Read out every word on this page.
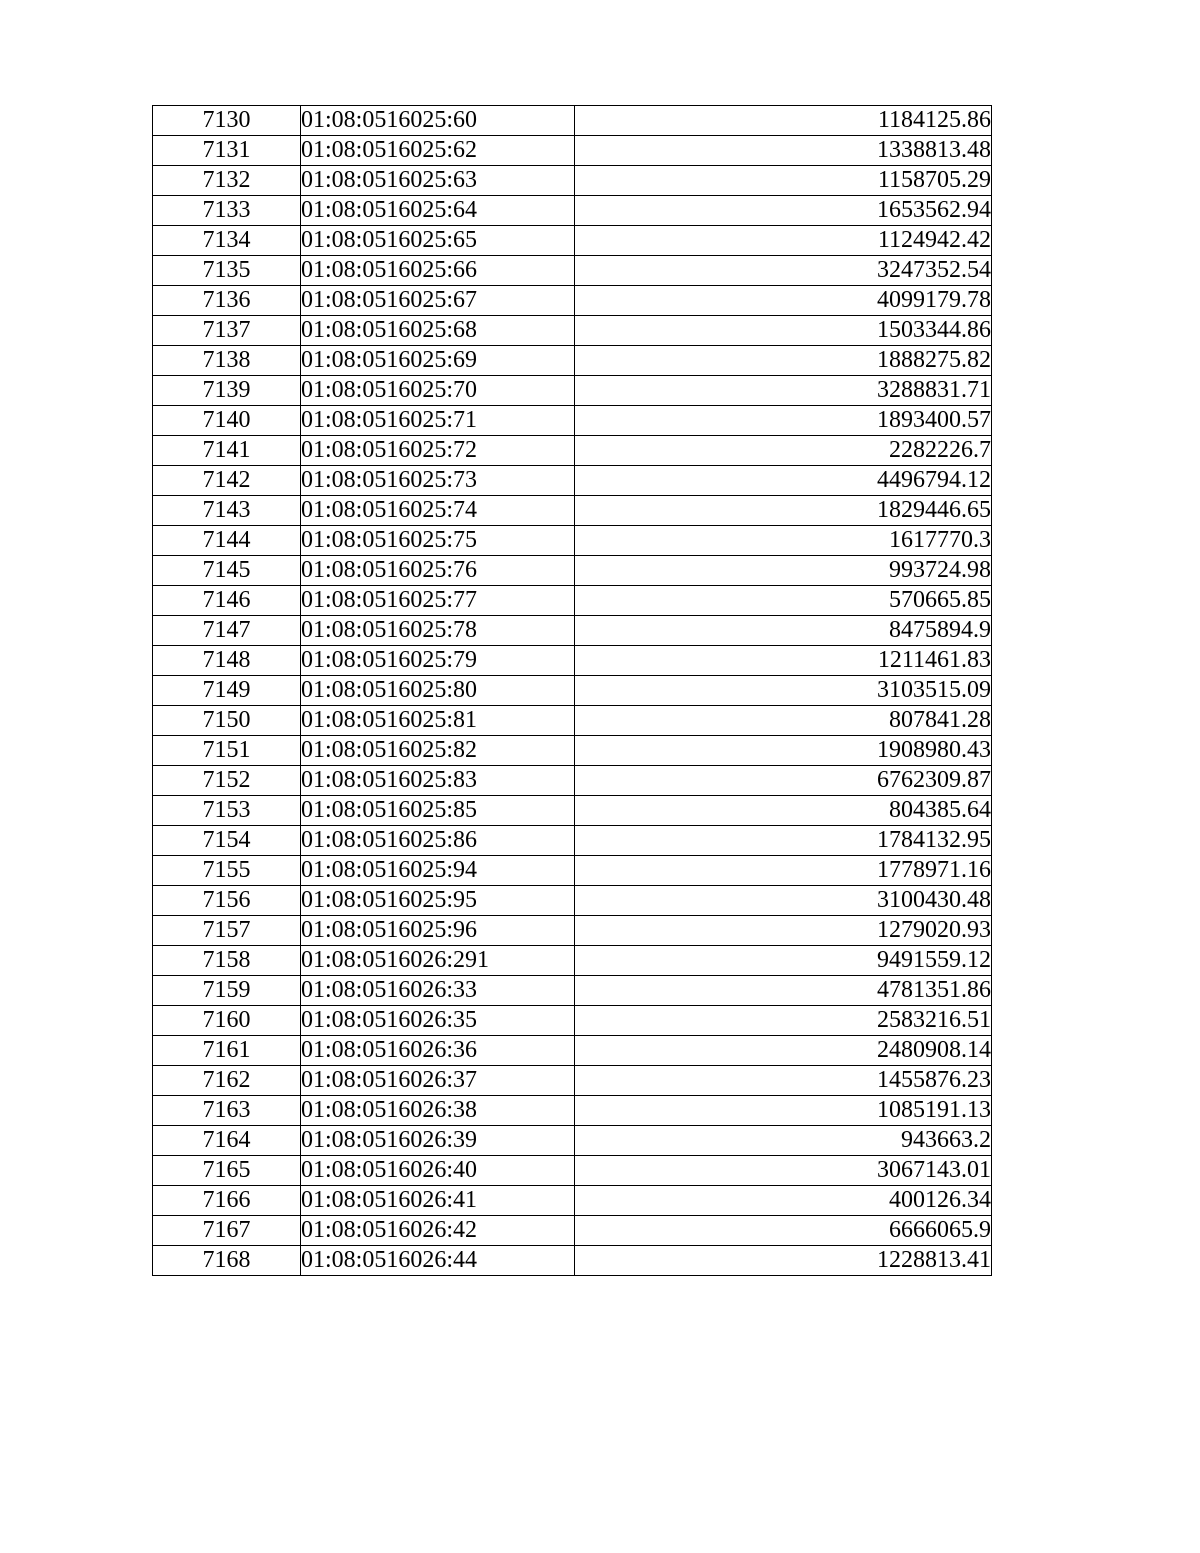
7130	01:08:0516025:60	1184125.86
7131	01:08:0516025:62	1338813.48
7132	01:08:0516025:63	1158705.29
7133	01:08:0516025:64	1653562.94
7134	01:08:0516025:65	1124942.42
7135	01:08:0516025:66	3247352.54
7136	01:08:0516025:67	4099179.78
7137	01:08:0516025:68	1503344.86
7138	01:08:0516025:69	1888275.82
7139	01:08:0516025:70	3288831.71
7140	01:08:0516025:71	1893400.57
7141	01:08:0516025:72	2282226.7
7142	01:08:0516025:73	4496794.12
7143	01:08:0516025:74	1829446.65
7144	01:08:0516025:75	1617770.3
7145	01:08:0516025:76	993724.98
7146	01:08:0516025:77	570665.85
7147	01:08:0516025:78	8475894.9
7148	01:08:0516025:79	1211461.83
7149	01:08:0516025:80	3103515.09
7150	01:08:0516025:81	807841.28
7151	01:08:0516025:82	1908980.43
7152	01:08:0516025:83	6762309.87
7153	01:08:0516025:85	804385.64
7154	01:08:0516025:86	1784132.95
7155	01:08:0516025:94	1778971.16
7156	01:08:0516025:95	3100430.48
7157	01:08:0516025:96	1279020.93
7158	01:08:0516026:291	9491559.12
7159	01:08:0516026:33	4781351.86
7160	01:08:0516026:35	2583216.51
7161	01:08:0516026:36	2480908.14
7162	01:08:0516026:37	1455876.23
7163	01:08:0516026:38	1085191.13
7164	01:08:0516026:39	943663.2
7165	01:08:0516026:40	3067143.01
7166	01:08:0516026:41	400126.34
7167	01:08:0516026:42	6666065.9
7168	01:08:0516026:44	1228813.41
